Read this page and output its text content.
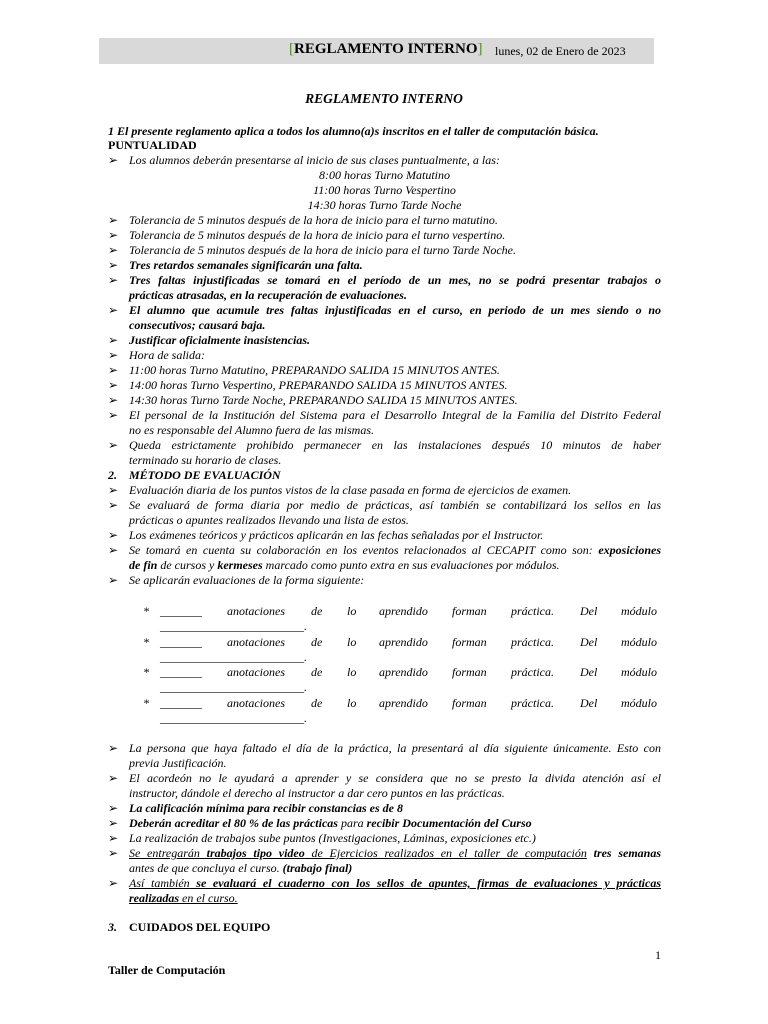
[REGLAMENTO INTERNO] lunes, 02 de Enero de 2023
REGLAMENTO INTERNO
1 El presente reglamento aplica a todos los alumno(a)s inscritos en el taller de computación básica.
PUNTUALIDAD
➢ Los alumnos deberán presentarse al inicio de sus clases puntualmente, a las:
8:00 horas Turno Matutino
11:00 horas Turno Vespertino
14:30 horas Turno Tarde Noche
➢ Tolerancia de 5 minutos después de la hora de inicio para el turno matutino.
➢ Tolerancia de 5 minutos después de la hora de inicio para el turno vespertino.
➢ Tolerancia de 5 minutos después de la hora de inicio para el turno Tarde Noche.
➢ Tres retardos semanales significarán una falta.
➢ Tres faltas injustificadas se tomará en el período de un mes, no se podrá presentar trabajos o
prácticas atrasadas, en la recuperación de evaluaciones.
➢ El alumno que acumule tres faltas injustificadas en el curso, en periodo de un mes siendo o no
consecutivos; causará baja.
➢ Justificar oficialmente inasistencias.
➢ Hora de salida:
➢ 11:00 horas Turno Matutino, PREPARANDO SALIDA 15 MINUTOS ANTES.
➢ 14:00 horas Turno Vespertino, PREPARANDO SALIDA 15 MINUTOS ANTES.
➢ 14:30 horas Turno Tarde Noche, PREPARANDO SALIDA 15 MINUTOS ANTES.
➢ El personal de la Institución del Sistema para el Desarrollo Integral de la Familia del Distrito Federal
no es responsable del Alumno fuera de las mismas.
➢ Queda estrictamente prohibido permanecer en las instalaciones después 10 minutos de haber
terminado su horario de clases.
2. MÉTODO DE EVALUACIÓN
➢ Evaluación diaria de los puntos vistos de la clase pasada en forma de ejercicios de examen.
➢ Se evaluará de forma diaria por medio de prácticas, así también se contabilizará los sellos en las
prácticas o apuntes realizados llevando una lista de estos.
➢ Los exámenes teóricos y prácticos aplicarán en las fechas señaladas por el Instructor.
➢ Se tomará en cuenta su colaboración en los eventos relacionados al CECAPIT como son: exposiciones
de fin de cursos y kermeses marcado como punto extra en sus evaluaciones por módulos.
➢ Se aplicarán evaluaciones de la forma siguiente:
* _______ anotaciones de lo aprendido forman práctica. Del módulo
________________________.
* _______ anotaciones de lo aprendido forman práctica. Del módulo
________________________.
* _______ anotaciones de lo aprendido forman práctica. Del módulo
________________________.
* _______ anotaciones de lo aprendido forman práctica. Del módulo
________________________.
➢ La persona que haya faltado el día de la práctica, la presentará al día siguiente únicamente. Esto con
previa Justificación.
➢ El acordeón no le ayudará a aprender y se considera que no se presto la divida atención así el
instructor, dándole el derecho al instructor a dar cero puntos en las prácticas.
➢ La calificación mínima para recibir constancias es de 8
➢ Deberán acreditar el 80 % de las prácticas para recibir Documentación del Curso
➢ La realización de trabajos sube puntos (Investigaciones, Láminas, exposiciones etc.)
➢ Se entregarán trabajos tipo video de Ejercicios realizados en el taller de computación tres semanas
antes de que concluya el curso. (trabajo final)
➢ Así también se evaluará el cuaderno con los sellos de apuntes, firmas de evaluaciones y prácticas
realizadas en el curso.
3. CUIDADOS DEL EQUIPO
1
Taller de Computación
